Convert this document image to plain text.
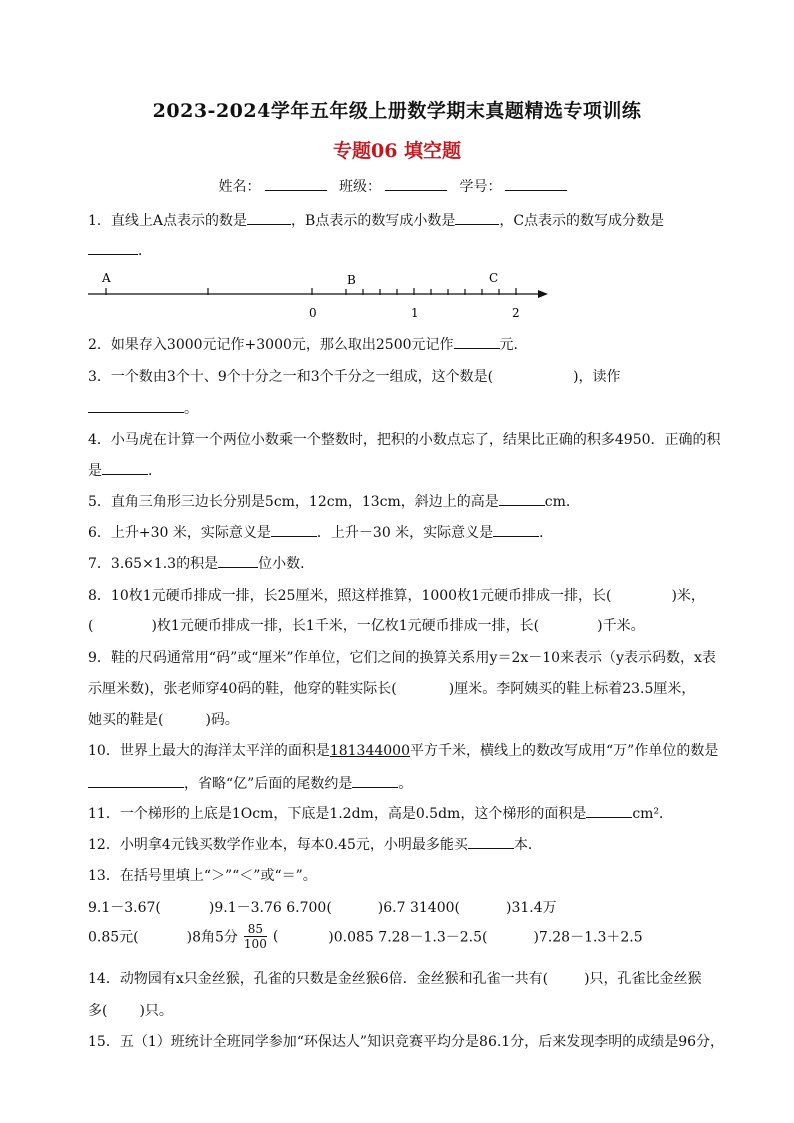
2023-2024学年五年级上册数学期末真题精选专项训练
专题06 填空题
姓名：	班级：	学号：
1．直线上A点表示的数是	，B点表示的数写成小数是	，C点表示的数写成分数是
．
A	B	C
0	1	2
2．如果存入3000元记作+3000元，那么取出2500元记作	元．
3．一个数由3个十、9个十分之一和3个千分之一组成，这个数是(	)，读作
。
4．小马虎在计算一个两位小数乘一个整数时，把积的小数点忘了，结果比正确的积多4950．正确的积
是	．
5．直角三角形三边长分别是5cm，12cm，13cm，斜边上的高是	cm．
6．上升+30 米，实际意义是	．上升－30 米，实际意义是	．
7．3.65×1.3的积是	位小数．
8．10枚1元硬币排成一排，长25厘米，照这样推算，1000枚1元硬币排成一排，长(	)米，
(	)枚1元硬币排成一排，长1千米，一亿枚1元硬币排成一排，长(	)千米。
9．鞋的尺码通常用“码”或“厘米”作单位，它们之间的换算关系用y＝2x－10来表示（y表示码数，x表
示厘米数)，张老师穿40码的鞋，他穿的鞋实际长(	)厘米。李阿姨买的鞋上标着23.5厘米，
她买的鞋是(	)码。
10．世界上最大的海洋太平洋的面积是181344000平方千米，横线上的数改写成用“万”作单位的数是
，省略“亿”后面的尾数约是	。
11．一个梯形的上底是1Ocm，下底是1.2dm，高是0.5dm，这个梯形的面积是	cm²．
12．小明拿4元钱买数学作业本，每本0.45元，小明最多能买	本．
13．在括号里填上“＞”“＜”或“＝”。
9.1－3.67(	)9.1－3.76 6.700(	)6.7 31400(	)31.4万
0.85元(	)8角5分 $\frac{85}{100}$ (	)0.085 7.28－1.3－2.5(	)7.28－1.3＋2.5
14．动物园有x只金丝猴，孔雀的只数是金丝猴6倍．金丝猴和孔雀一共有(	)只，孔雀比金丝猴
多( )只。
15．五（1）班统计全班同学参加“环保达人”知识竞赛平均分是86.1分，后来发现李明的成绩是96分，
